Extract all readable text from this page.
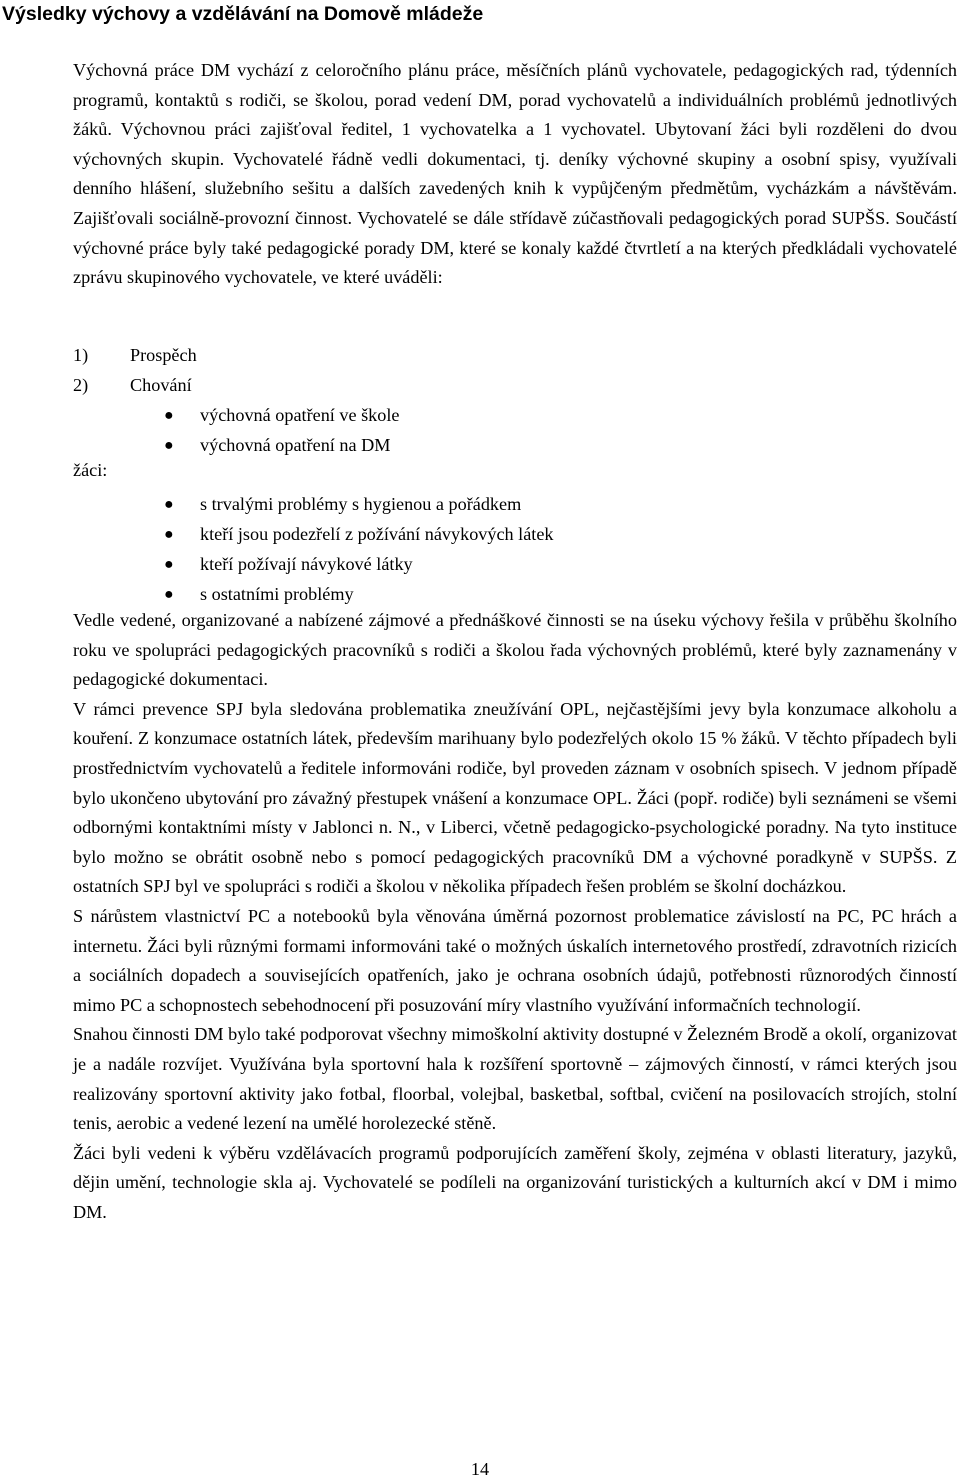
Výsledky výchovy a vzdělávání na Domově mládeže

Výchovná práce DM vychází z celoročního plánu práce, měsíčních plánů vychovatele, pedagogických rad, týdenních programů, kontaktů s rodiči, se školou, porad vedení DM, porad vychovatelů a individuálních problémů jednotlivých žáků. Výchovnou práci zajišťoval ředitel, 1 vychovatelka a 1 vychovatel. Ubytovaní žáci byli rozděleni do dvou výchovných skupin. Vychovatelé řádně vedli dokumentaci, tj. deníky výchovné skupiny a osobní spisy, využívali denního hlášení, služebního sešitu a dalších zavedených knih k vypůjčeným předmětům, vycházkám a návštěvám. Zajišťovali sociálně-provozní činnost. Vychovatelé se dále střídavě zúčastňovali pedagogických porad SUPŠS. Součástí výchovné práce byly také pedagogické porady DM, které se konaly každé čtvrtletí a na kterých předkládali vychovatelé zprávu skupinového vychovatele, ve které uváděli:

1) Prospěch
2) Chování
● výchovná opatření ve škole
● výchovná opatření na DM
žáci:
● s trvalými problémy s hygienou a pořádkem
● kteří jsou podezřelí z požívání návykových látek
● kteří požívají návykové látky
● s ostatními problémy

Vedle vedené, organizované a nabízené zájmové a přednáškové činnosti se na úseku výchovy řešila v průběhu školního roku ve spolupráci pedagogických pracovníků s rodiči a školou řada výchovných problémů, které byly zaznamenány v pedagogické dokumentaci.

V rámci prevence SPJ byla sledována problematika zneužívání OPL, nejčastějšími jevy byla konzumace alkoholu a kouření. Z konzumace ostatních látek, především marihuany bylo podezřelých okolo 15 % žáků. V těchto případech byli prostřednictvím vychovatelů a ředitele informováni rodiče, byl proveden záznam v osobních spisech. V jednom případě bylo ukončeno ubytování pro závažný přestupek vnášení a konzumace OPL. Žáci (popř. rodiče) byli seznámeni se všemi odbornými kontaktními místy v Jablonci n. N., v Liberci, včetně pedagogicko-psychologické poradny. Na tyto instituce bylo možno se obrátit osobně nebo s pomocí pedagogických pracovníků DM a výchovné poradkyně v SUPŠS. Z ostatních SPJ byl ve spolupráci s rodiči a školou v několika případech řešen problém se školní docházkou.

S nárůstem vlastnictví PC a notebooků byla věnována úměrná pozornost problematice závislostí na PC, PC hrách a internetu. Žáci byli různými formami informováni také o možných úskalích internetového prostředí, zdravotních rizicích a sociálních dopadech a souvisejících opatřeních, jako je ochrana osobních údajů, potřebnosti různorodých činností mimo PC a schopnostech sebehodnocení při posuzování míry vlastního využívání informačních technologií.

Snahou činnosti DM bylo také podporovat všechny mimoškolní aktivity dostupné v Železném Brodě a okolí, organizovat je a nadále rozvíjet. Využívána byla sportovní hala k rozšíření sportovně – zájmových činností, v rámci kterých jsou realizovány sportovní aktivity jako fotbal, floorbal, volejbal, basketbal, softbal, cvičení na posilovacích strojích, stolní tenis, aerobic a vedené lezení na umělé horolezecké stěně.

Žáci byli vedeni k výběru vzdělávacích programů podporujících zaměření školy, zejména v oblasti literatury, jazyků, dějin umění, technologie skla aj. Vychovatelé se podíleli na organizování turistických a kulturních akcí v DM i mimo DM.

14
